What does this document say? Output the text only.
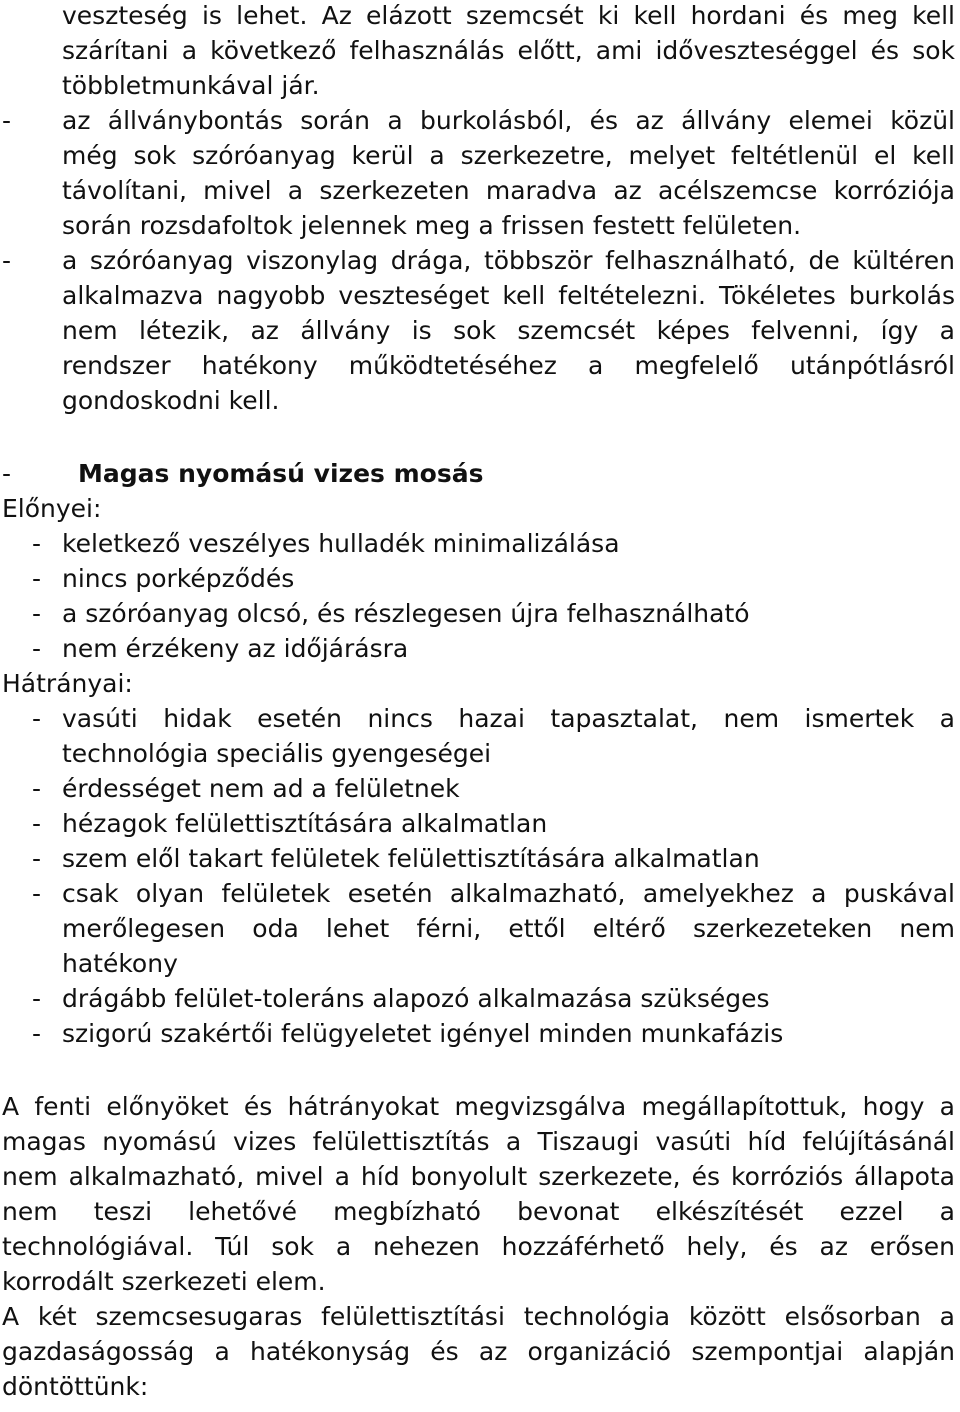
veszteség is lehet. Az elázott szemcsét ki kell hordani és meg kell
szárítani a következő felhasználás előtt, ami időveszteséggel és sok
többletmunkával jár.
- az állványbontás során a burkolásból, és az állvány elemei közül
még sok szóróanyag kerül a szerkezetre, melyet feltétlenül el kell
távolítani, mivel a szerkezeten maradva az acélszemcse korróziója
során rozsdafoltok jelennek meg a frissen festett felületen.
- a szóróanyag viszonylag drága, többször felhasználható, de kültéren
alkalmazva nagyobb veszteséget kell feltételezni. Tökéletes burkolás
nem létezik, az állvány is sok szemcsét képes felvenni, így a
rendszer hatékony működtetéséhez a megfelelő utánpótlásról
gondoskodni kell.
-	Magas nyomású vizes mosás
Előnyei:
- keletkező veszélyes hulladék minimalizálása
- nincs porképződés
- a szóróanyag olcsó, és részlegesen újra felhasználható
- nem érzékeny az időjárásra
Hátrányai:
- vasúti hidak esetén nincs hazai tapasztalat, nem ismertek a
technológia speciális gyengeségei
- érdességet nem ad a felületnek
- hézagok felülettisztítására alkalmatlan
- szem elől takart felületek felülettisztítására alkalmatlan
- csak olyan felületek esetén alkalmazható, amelyekhez a puskával
merőlegesen oda lehet férni, ettől eltérő szerkezeteken nem
hatékony
- drágább felület-toleráns alapozó alkalmazása szükséges
- szigorú szakértői felügyeletet igényel minden munkafázis
A fenti előnyöket és hátrányokat megvizsgálva megállapítottuk, hogy a
magas nyomású vizes felülettisztítás a Tiszaugi vasúti híd felújításánál
nem alkalmazható, mivel a híd bonyolult szerkezete, és korróziós állapota
nem teszi lehetővé megbízható bevonat elkészítését ezzel a
technológiával. Túl sok a nehezen hozzáférhető hely, és az erősen
korrodált szerkezeti elem.
A két szemcsesugaras felülettisztítási technológia között elsősorban a
gazdaságosság a hatékonyság és az organizáció szempontjai alapján
döntöttünk:
